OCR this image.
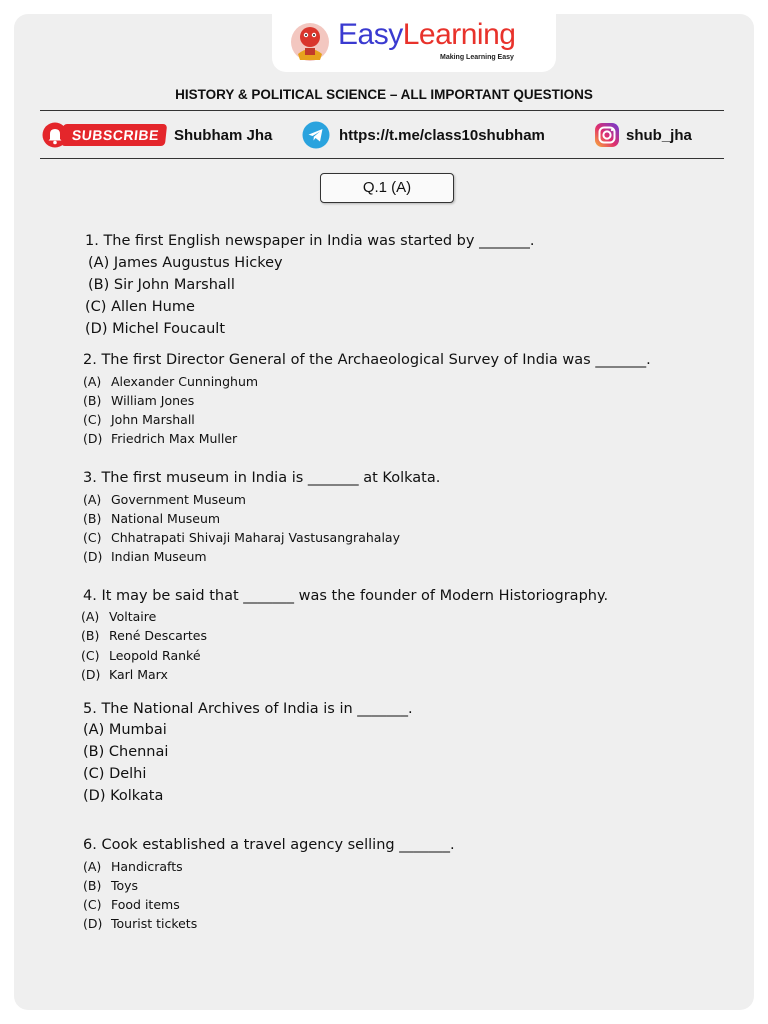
EasyLearning
Making Learning Easy
HISTORY & POLITICAL SCIENCE – ALL IMPORTANT QUESTIONS
SUBSCRIBE Shubham Jha	https://t.me/class10shubham	shub_jha
Q.1 (A)
1. The first English newspaper in India was started by _______.
(A) James Augustus Hickey
(B) Sir John Marshall
(C) Allen Hume
(D) Michel Foucault
2. The first Director General of the Archaeological Survey of India was _______.
(A) Alexander Cunninghum
(B) William Jones
(C) John Marshall
(D) Friedrich Max Muller
3. The first museum in India is _______ at Kolkata.
(A) Government Museum
(B) National Museum
(C) Chhatrapati Shivaji Maharaj Vastusangrahalay
(D) Indian Museum
4. It may be said that _______ was the founder of Modern Historiography.
(A) Voltaire
(B) René Descartes
(C) Leopold Ranké
(D) Karl Marx
5. The National Archives of India is in _______.
(A) Mumbai
(B) Chennai
(C) Delhi
(D) Kolkata
6. Cook established a travel agency selling _______.
(A) Handicrafts
(B) Toys
(C) Food items
(D) Tourist tickets
